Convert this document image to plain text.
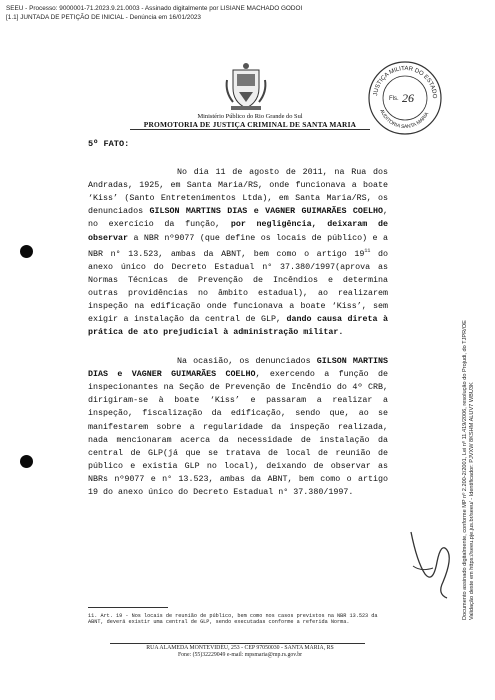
SEEU - Processo: 9000001-71.2023.9.21.0003 - Assinado digitalmente por LISIANE MACHADO GODOI
[1.1] JUNTADA DE PETIÇÃO DE INICIAL - Denúncia em 16/01/2023
Ministério Público do Rio Grande do Sul
PROMOTORIA DE JUSTIÇA CRIMINAL DE SANTA MARIA
JUSTIÇA MILITAR DO ESTADO
AUDITORIA SANTA MARIA
Fls. 26
Documento assinado digitalmente, conforme MP nº 2.200-2/2001, Lei nº 11.419/2006, resolução do Projudi, do TJPR/OE Validação deste em https://seeu.pje.jus.br/seeu/ - Identificador: PJVXW 8KSHM ALUV7 WBU3K
5º FATO:

No dia 11 de agosto de 2011, na Rua dos Andradas, 1925, em Santa Maria/RS, onde funcionava a boate ‘Kiss’ (Santo Entretenimentos Ltda), em Santa Maria/RS, os denunciados GILSON MARTINS DIAS e VAGNER GUIMARÃES COELHO, no exercício da função, por negligência, deixaram de observar a NBR nº9077 (que define os locais de público) e a NBR n° 13.523, ambas da ABNT, bem como o artigo $19^{11}$ do anexo único do Decreto Estadual n° 37.380/1997(aprova as Normas Técnicas de Prevenção de Incêndios e determina outras providências no âmbito estadual), ao realizarem inspeção na edificação onde funcionava a boate ‘Kiss’, sem exigir a instalação da central de GLP, dando causa direta à prática de ato prejudicial à administração militar.

Na ocasião, os denunciados GILSON MARTINS DIAS e VAGNER GUIMARÃES COELHO, exercendo a função de inspecionantes na Seção de Prevenção de Incêndio do 4º CRB, dirigiram-se à boate ‘Kiss’ e passaram a realizar a inspeção, fiscalização da edificação, sendo que, ao se manifestarem sobre a regularidade da inspeção realizada, nada mencionaram acerca da necessidade de instalação da central de GLP(já que se tratava de local de reunião de público e existia GLP no local), deixando de observar as NBRs nº9077 e n° 13.523, ambas da ABNT, bem como o artigo 19 do anexo único do Decreto Estadual n° 37.380/1997.

11. Art. 19 - Nos locais de reunião de público, bem como nos casos previstos na NBR 13.523 da ABNT, deverá existir uma central de GLP, sendo executadas conforme a referida Norma.
RUA ALAMEDA MONTEVIDÉU, 253 - CEP 97050030 - SANTA MARIA, RS
Fone: (55)32229049 e-mail: mpsmaria@mp.rs.gov.br
